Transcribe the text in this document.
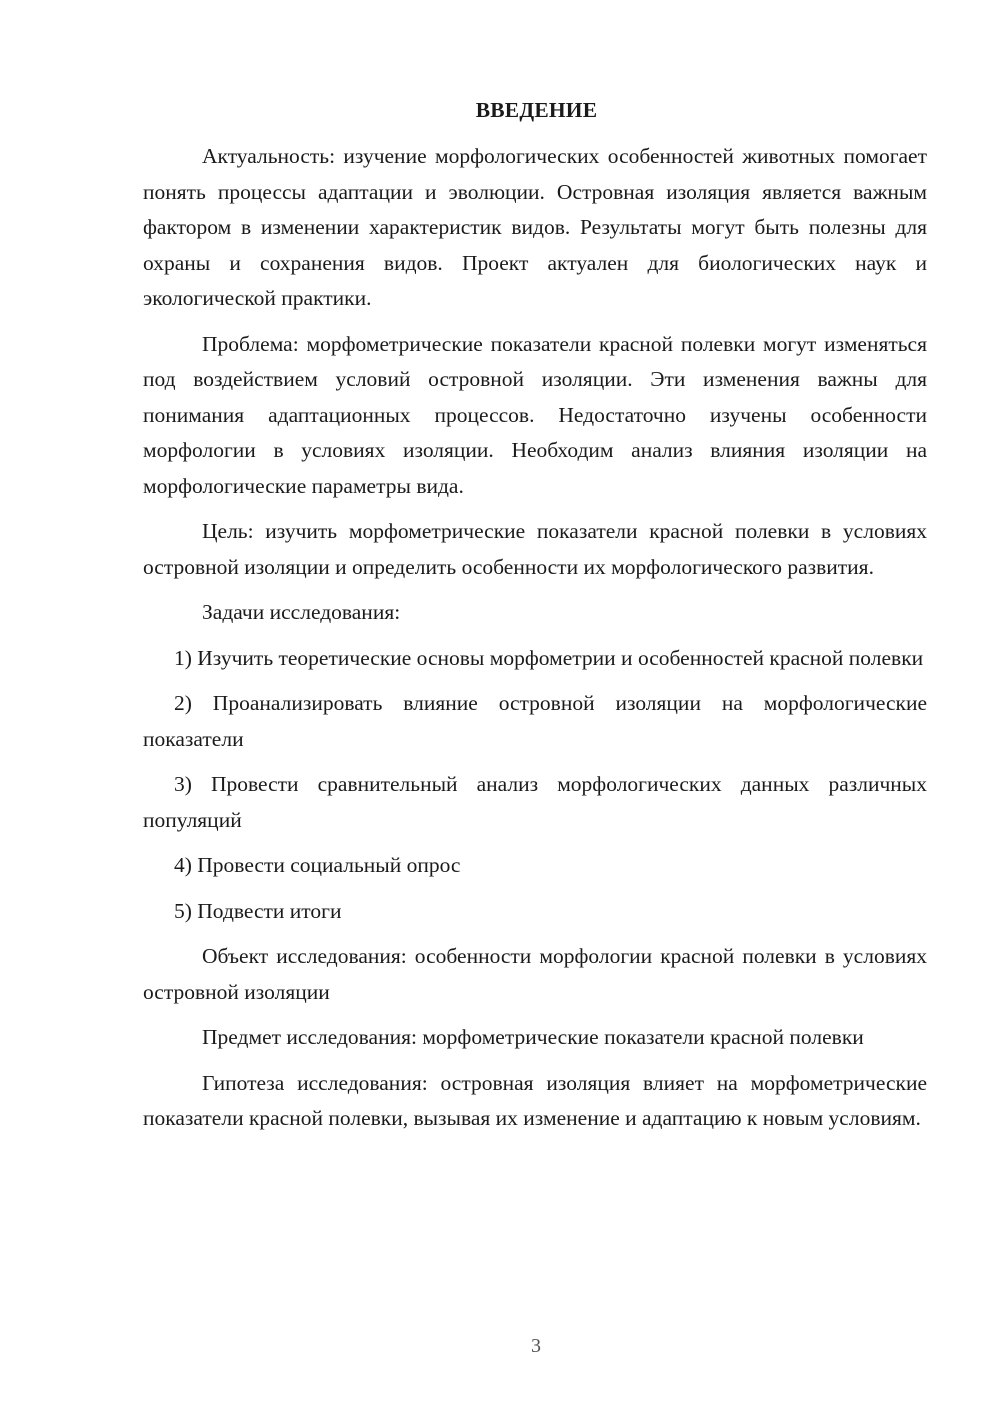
ВВЕДЕНИЕ

Актуальность: изучение морфологических особенностей животных помогает понять процессы адаптации и эволюции. Островная изоляция является важным фактором в изменении характеристик видов. Результаты могут быть полезны для охраны и сохранения видов. Проект актуален для биологических наук и экологической практики.

Проблема: морфометрические показатели красной полевки могут изменяться под воздействием условий островной изоляции. Эти изменения важны для понимания адаптационных процессов. Недостаточно изучены особенности морфологии в условиях изоляции. Необходим анализ влияния изоляции на морфологические параметры вида.

Цель: изучить морфометрические показатели красной полевки в условиях островной изоляции и определить особенности их морфологического развития.

Задачи исследования:

1) Изучить теоретические основы морфометрии и особенностей красной полевки

2) Проанализировать влияние островной изоляции на морфологические показатели

3) Провести сравнительный анализ морфологических данных различных популяций

4) Провести социальный опрос

5) Подвести итоги

Объект исследования: особенности морфологии красной полевки в условиях островной изоляции

Предмет исследования: морфометрические показатели красной полевки

Гипотеза исследования: островная изоляция влияет на морфометрические показатели красной полевки, вызывая их изменение и адаптацию к новым условиям.

3
